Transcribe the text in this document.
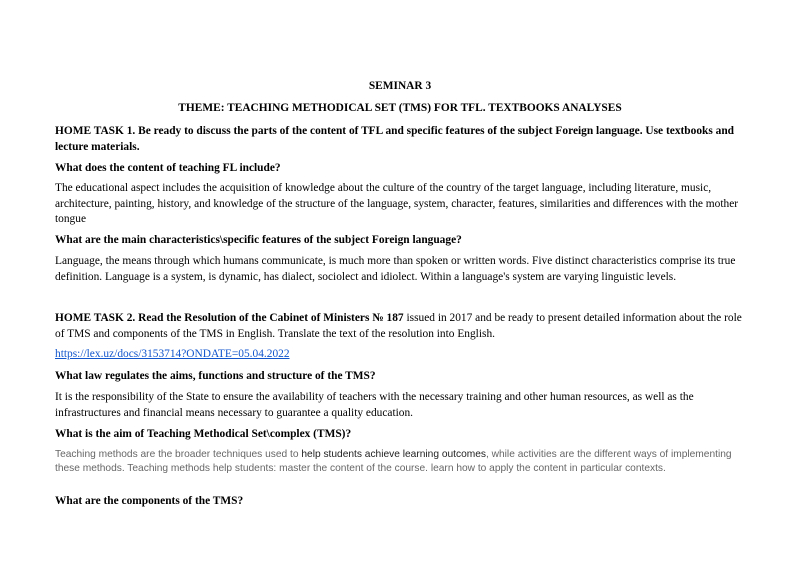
SEMINAR 3

THEME: TEACHING METHODICAL SET (TMS) FOR TFL. TEXTBOOKS ANALYSES

HOME TASK 1. Be ready to discuss the parts of the content of TFL and specific features of the subject Foreign language. Use textbooks and lecture materials.

What does the content of teaching FL include?

The educational aspect includes the acquisition of knowledge about the culture of the country of the target language, including literature, music, architecture, painting, history, and knowledge of the structure of the language, system, character, features, similarities and differences with the mother tongue

What are the main characteristics\specific features of the subject Foreign language?

Language, the means through which humans communicate, is much more than spoken or written words. Five distinct characteristics comprise its true definition. Language is a system, is dynamic, has dialect, sociolect and idiolect. Within a language's system are varying linguistic levels.

HOME TASK 2. Read the Resolution of the Cabinet of Ministers № 187 issued in 2017 and be ready to present detailed information about the role of TMS and components of the TMS in English. Translate the text of the resolution into English.

https://lex.uz/docs/3153714?ONDATE=05.04.2022

What law regulates the aims, functions and structure of the TMS?

It is the responsibility of the State to ensure the availability of teachers with the necessary training and other human resources, as well as the infrastructures and financial means necessary to guarantee a quality education.

What is the aim of Teaching Methodical Set\complex (TMS)?

Teaching methods are the broader techniques used to help students achieve learning outcomes, while activities are the different ways of implementing these methods. Teaching methods help students: master the content of the course. learn how to apply the content in particular contexts.

What are the components of the TMS?
